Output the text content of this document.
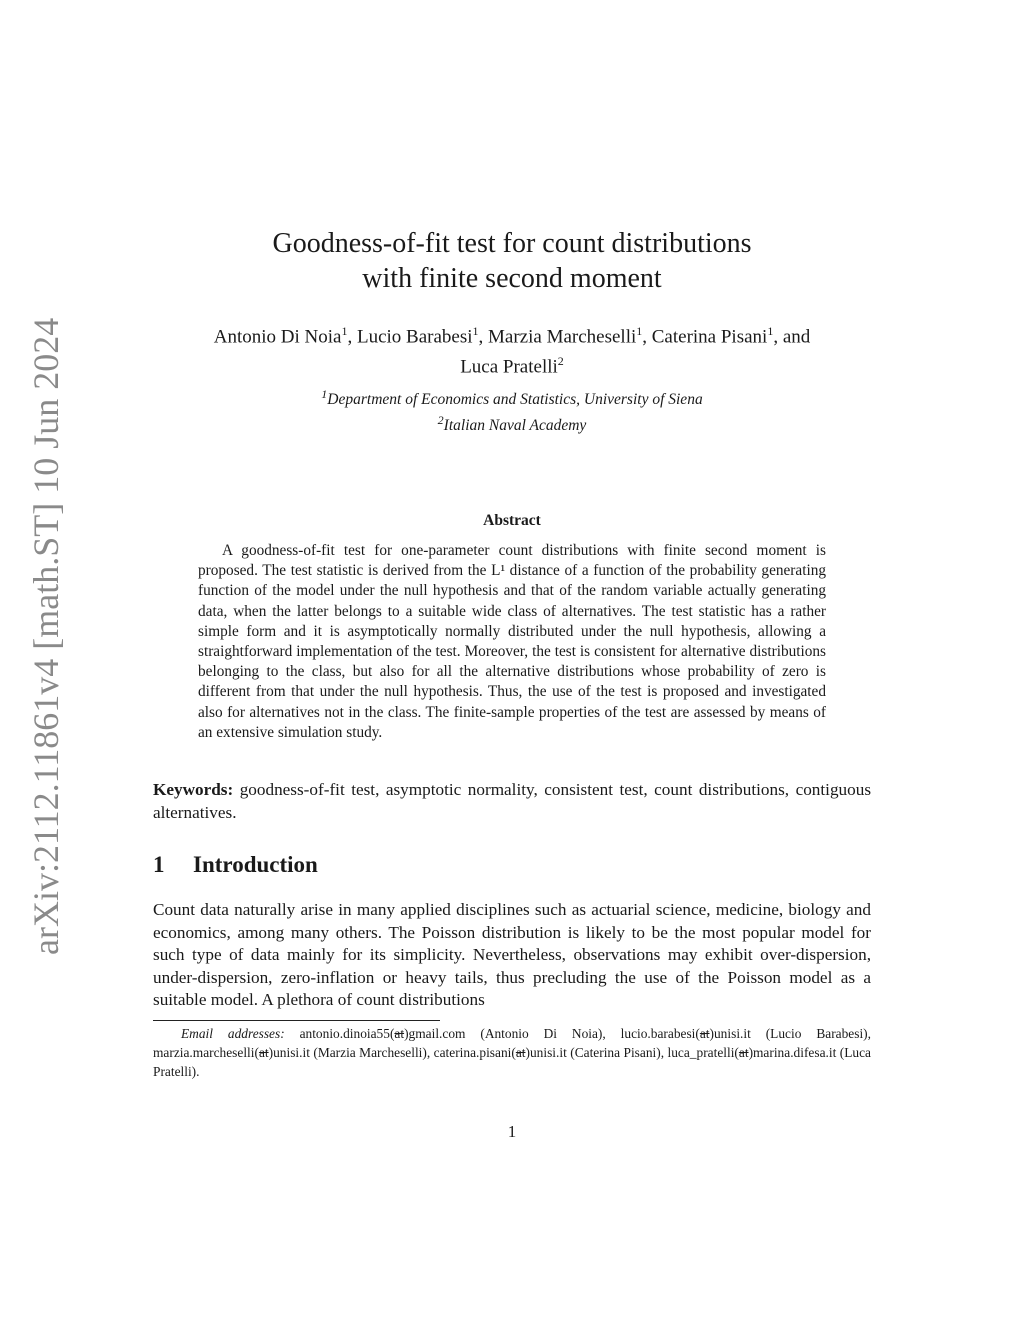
arXiv:2112.11861v4 [math.ST] 10 Jun 2024
Goodness-of-fit test for count distributions
with finite second moment
Antonio Di Noia$^1$, Lucio Barabesi$^1$, Marzia Marcheselli$^1$, Caterina Pisani$^1$, and
Luca Pratelli$^2$
$^1$Department of Economics and Statistics, University of Siena
$^2$Italian Naval Academy
Abstract

A goodness-of-fit test for one-parameter count distributions with finite second moment is proposed. The test statistic is derived from the L¹ distance of a function of the probability generating function of the model under the null hypothesis and that of the random variable actually generating data, when the latter belongs to a suitable wide class of alternatives. The test statistic has a rather simple form and it is asymptotically normally distributed under the null hypothesis, allowing a straightforward implementation of the test. Moreover, the test is consistent for alternative distributions belonging to the class, but also for all the alternative distributions whose probability of zero is different from that under the null hypothesis. Thus, the use of the test is proposed and investigated also for alternatives not in the class. The finite-sample properties of the test are assessed by means of an extensive simulation study.

Keywords: goodness-of-fit test, asymptotic normality, consistent test, count distributions, contiguous alternatives.

1 Introduction

Count data naturally arise in many applied disciplines such as actuarial science, medicine, biology and economics, among many others. The Poisson distribution is likely to be the most popular model for such type of data mainly for its simplicity. Nevertheless, observations may exhibit over-dispersion, under-dispersion, zero-inflation or heavy tails, thus precluding the use of the Poisson model as a suitable model. A plethora of count distributions

Email addresses: antonio.dinoia55(at)gmail.com (Antonio Di Noia), lucio.barabesi(at)unisi.it (Lucio Barabesi), marzia.marcheselli(at)unisi.it (Marzia Marcheselli), caterina.pisani(at)unisi.it (Caterina Pisani), luca_pratelli(at)marina.difesa.it (Luca Pratelli).

1
